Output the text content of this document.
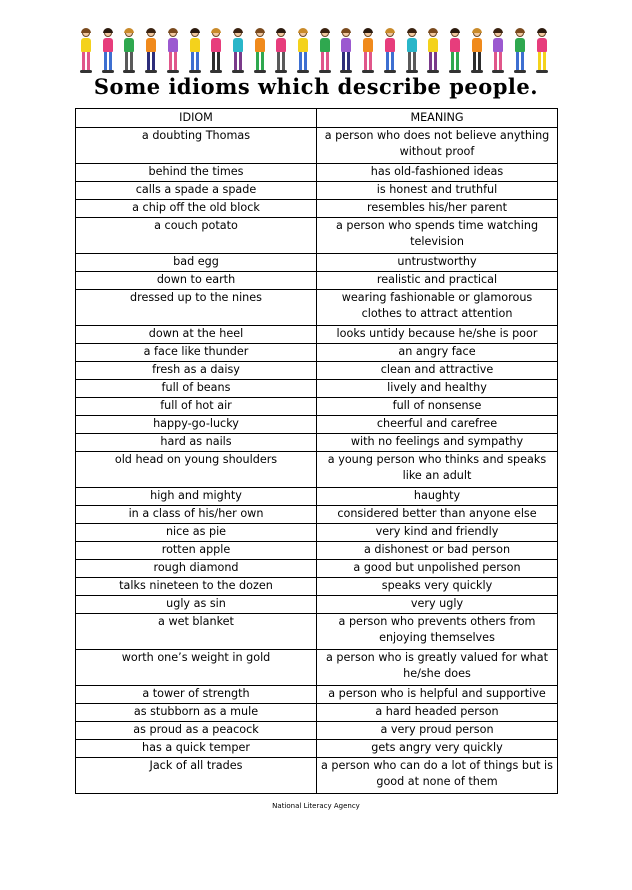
Some idioms which describe people.
IDIOM	MEANING
a doubting Thomas	a person who does not believe anything without proof
behind the times	has old-fashioned ideas
calls a spade a spade	is honest and truthful
a chip off the old block	resembles his/her parent
a couch potato	a person who spends time watching television
bad egg	untrustworthy
down to earth	realistic and practical
dressed up to the nines	wearing fashionable or glamorous clothes to attract attention
down at the heel	looks untidy because he/she is poor
a face like thunder	an angry face
fresh as a daisy	clean and attractive
full of beans	lively and healthy
full of hot air	full of nonsense
happy-go-lucky	cheerful and carefree
hard as nails	with no feelings and sympathy
old head on young shoulders	a young person who thinks and speaks like an adult
high and mighty	haughty
in a class of his/her own	considered better than anyone else
nice as pie	very kind and friendly
rotten apple	a dishonest or bad person
rough diamond	a good but unpolished person
talks nineteen to the dozen	speaks very quickly
ugly as sin	very ugly
a wet blanket	a person who prevents others from enjoying themselves
worth one’s weight in gold	a person who is greatly valued for what he/she does
a tower of strength	a person who is helpful and supportive
as stubborn as a mule	a hard headed person
as proud as a peacock	a very proud person
has a quick temper	gets angry very quickly
Jack of all trades	a person who can do a lot of things but is good at none of them
National Literacy Agency
